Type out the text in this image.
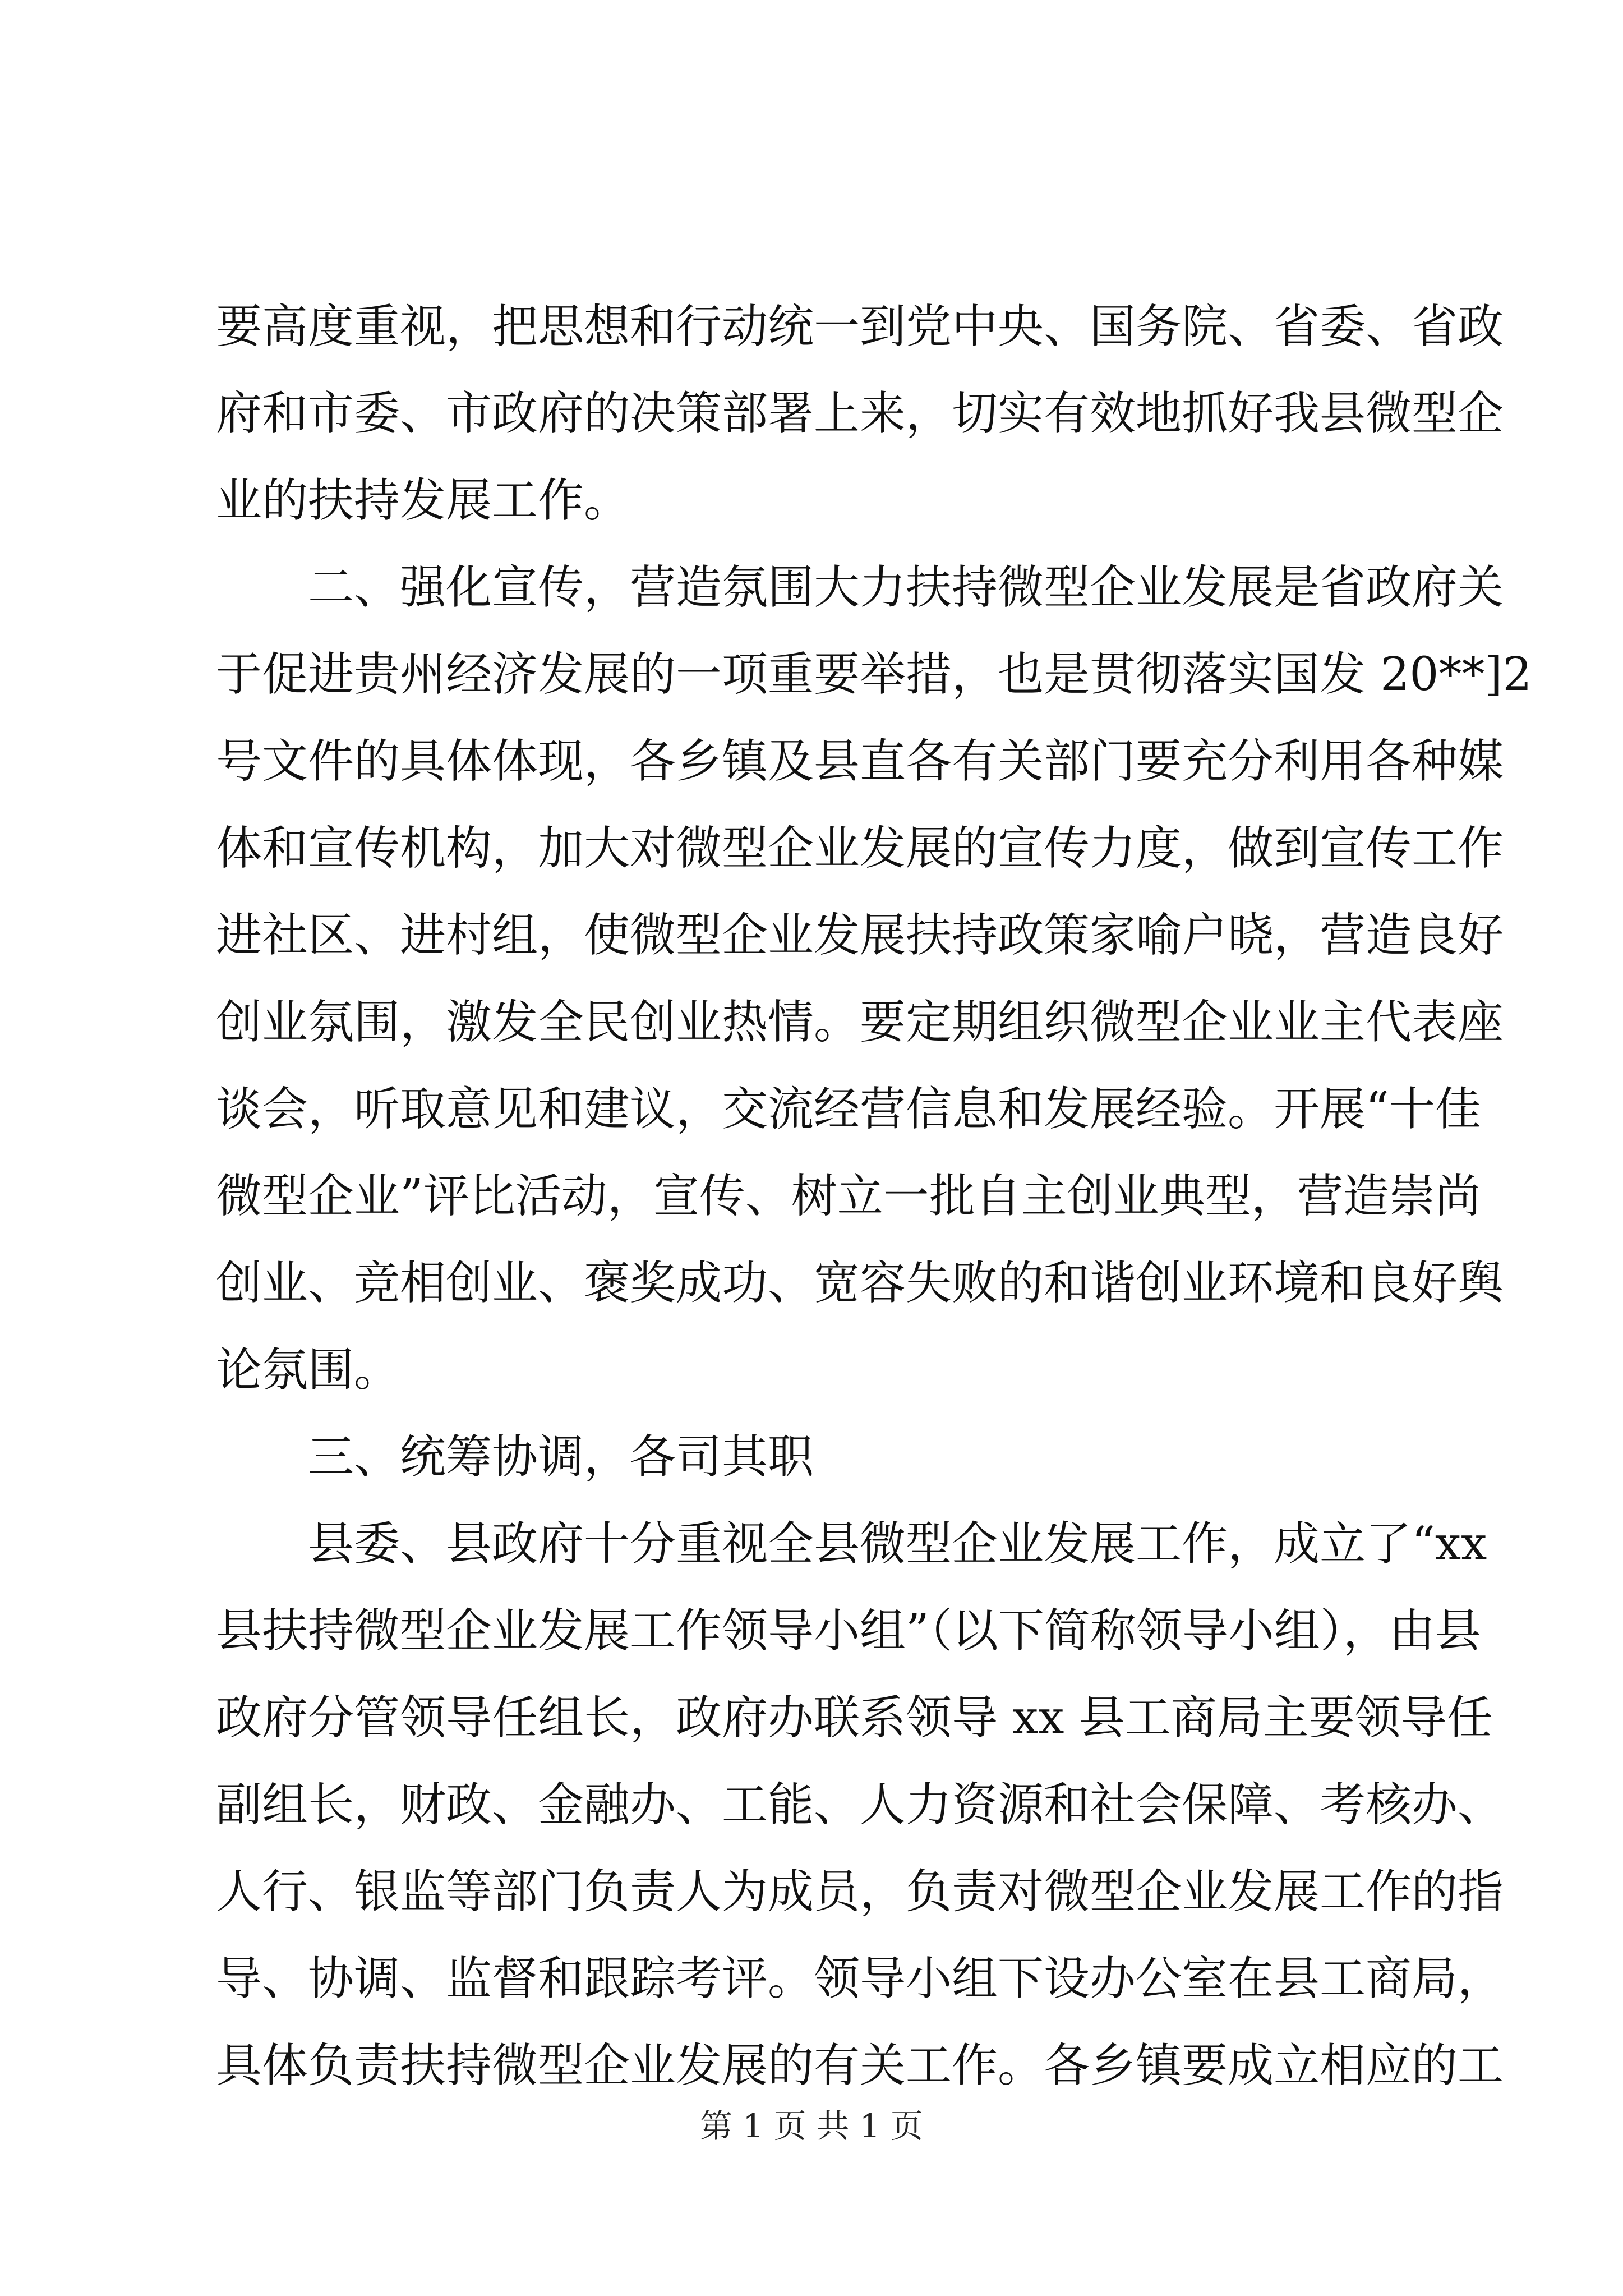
要高度重视，把思想和行动统一到党中央、国务院、省委、省政
府和市委、市政府的决策部署上来，切实有效地抓好我县微型企
业的扶持发展工作。
　　二、强化宣传，营造氛围大力扶持微型企业发展是省政府关
于促进贵州经济发展的一项重要举措，也是贯彻落实国发 20**]2
号文件的具体体现，各乡镇及县直各有关部门要充分利用各种媒
体和宣传机构，加大对微型企业发展的宣传力度，做到宣传工作
进社区、进村组，使微型企业发展扶持政策家喻户晓，营造良好
创业氛围，激发全民创业热情。要定期组织微型企业业主代表座
谈会，听取意见和建议，交流经营信息和发展经验。开展“十佳
微型企业”评比活动，宣传、树立一批自主创业典型，营造崇尚
创业、竞相创业、褒奖成功、宽容失败的和谐创业环境和良好舆
论氛围。
　　三、统筹协调，各司其职
　　县委、县政府十分重视全县微型企业发展工作，成立了“xx
县扶持微型企业发展工作领导小组”（以下简称领导小组），由县
政府分管领导任组长，政府办联系领导 xx 县工商局主要领导任
副组长，财政、金融办、工能、人力资源和社会保障、考核办、
人行、银监等部门负责人为成员，负责对微型企业发展工作的指
导、协调、监督和跟踪考评。领导小组下设办公室在县工商局，
具体负责扶持微型企业发展的有关工作。各乡镇要成立相应的工
第 1 页 共 1 页
